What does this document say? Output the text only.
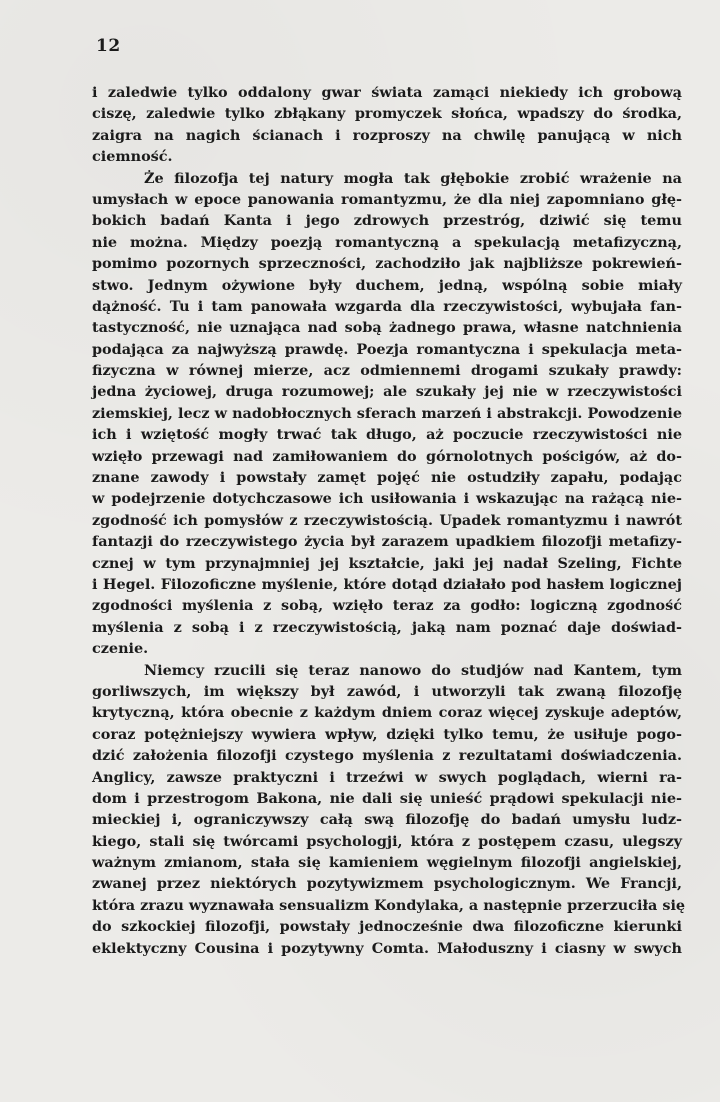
12
i zaledwie tylko oddalony gwar świata zamąci niekiedy ich grobową
ciszę, zaledwie tylko zbłąkany promyczek słońca, wpadszy do środka,
zaigra na nagich ścianach i rozproszy na chwilę panującą w nich
ciemność.
Że filozofja tej natury mogła tak głębokie zrobić wrażenie na
umysłach w epoce panowania romantyzmu, że dla niej zapomniano głę-
bokich badań Kanta i jego zdrowych przestróg, dziwić się temu
nie można. Między poezją romantyczną a spekulacją metafizyczną,
pomimo pozornych sprzeczności, zachodziło jak najbliższe pokrewień-
stwo. Jednym ożywione były duchem, jedną, wspólną sobie miały
dążność. Tu i tam panowała wzgarda dla rzeczywistości, wybujała fan-
tastyczność, nie uznająca nad sobą żadnego prawa, własne natchnienia
podająca za najwyższą prawdę. Poezja romantyczna i spekulacja meta-
fizyczna w równej mierze, acz odmiennemi drogami szukały prawdy:
jedna życiowej, druga rozumowej; ale szukały jej nie w rzeczywistości
ziemskiej, lecz w nadobłocznych sferach marzeń i abstrakcji. Powodzenie
ich i wziętość mogły trwać tak długo, aż poczucie rzeczywistości nie
wzięło przewagi nad zamiłowaniem do górnolotnych pościgów, aż do-
znane zawody i powstały zamęt pojęć nie ostudziły zapału, podając
w podejrzenie dotychczasowe ich usiłowania i wskazując na rażącą nie-
zgodność ich pomysłów z rzeczywistością. Upadek romantyzmu i nawrót
fantazji do rzeczywistego życia był zarazem upadkiem filozofji metafizy-
cznej w tym przynajmniej jej kształcie, jaki jej nadał Szeling, Fichte
i Hegel. Filozoficzne myślenie, które dotąd działało pod hasłem logicznej
zgodności myślenia z sobą, wzięło teraz za godło: logiczną zgodność
myślenia z sobą i z rzeczywistością, jaką nam poznać daje doświad-
czenie.
Niemcy rzucili się teraz nanowo do studjów nad Kantem, tym
gorliwszych, im większy był zawód, i utworzyli tak zwaną filozofję
krytyczną, która obecnie z każdym dniem coraz więcej zyskuje adeptów,
coraz potężniejszy wywiera wpływ, dzięki tylko temu, że usiłuje pogo-
dzić założenia filozofji czystego myślenia z rezultatami doświadczenia.
Anglicy, zawsze praktyczni i trzeźwi w swych poglądach, wierni ra-
dom i przestrogom Bakona, nie dali się unieść prądowi spekulacji nie-
mieckiej i, ograniczywszy całą swą filozofję do badań umysłu ludz-
kiego, stali się twórcami psychologji, która z postępem czasu, ulegszy
ważnym zmianom, stała się kamieniem węgielnym filozofji angielskiej,
zwanej przez niektórych pozytywizmem psychologicznym. We Francji,
która zrazu wyznawała sensualizm Kondylaka, a następnie przerzuciła się
do szkockiej filozofji, powstały jednocześnie dwa filozoficzne kierunki
eklektyczny Cousina i pozytywny Comta. Małoduszny i ciasny w swych
